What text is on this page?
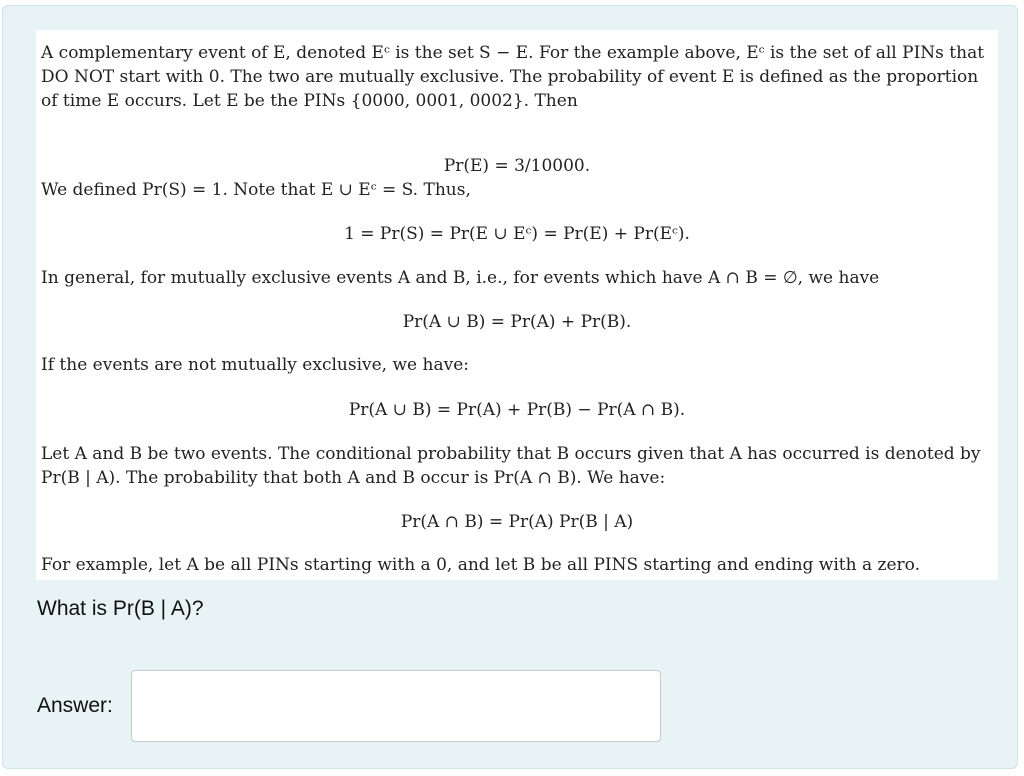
A complementary event of E, denoted Eᶜ is the set S − E. For the example above, Eᶜ is the set of all PINs that DO NOT start with 0. The two are mutually exclusive. The probability of event E is defined as the proportion of time E occurs. Let E be the PINs {0000, 0001, 0002}. Then

Pr(E) = 3/10000.

We defined Pr(S) = 1. Note that E ∪ Eᶜ = S. Thus,

1 = Pr(S) = Pr(E ∪ Eᶜ) = Pr(E) + Pr(Eᶜ).

In general, for mutually exclusive events A and B, i.e., for events which have A ∩ B = ∅, we have

Pr(A ∪ B) = Pr(A) + Pr(B).

If the events are not mutually exclusive, we have:

Pr(A ∪ B) = Pr(A) + Pr(B) − Pr(A ∩ B).

Let A and B be two events. The conditional probability that B occurs given that A has occurred is denoted by Pr(B | A). The probability that both A and B occur is Pr(A ∩ B). We have:

Pr(A ∩ B) = Pr(A) Pr(B | A)

For example, let A be all PINs starting with a 0, and let B be all PINS starting and ending with a zero.

What is Pr(B | A)?
Answer:
